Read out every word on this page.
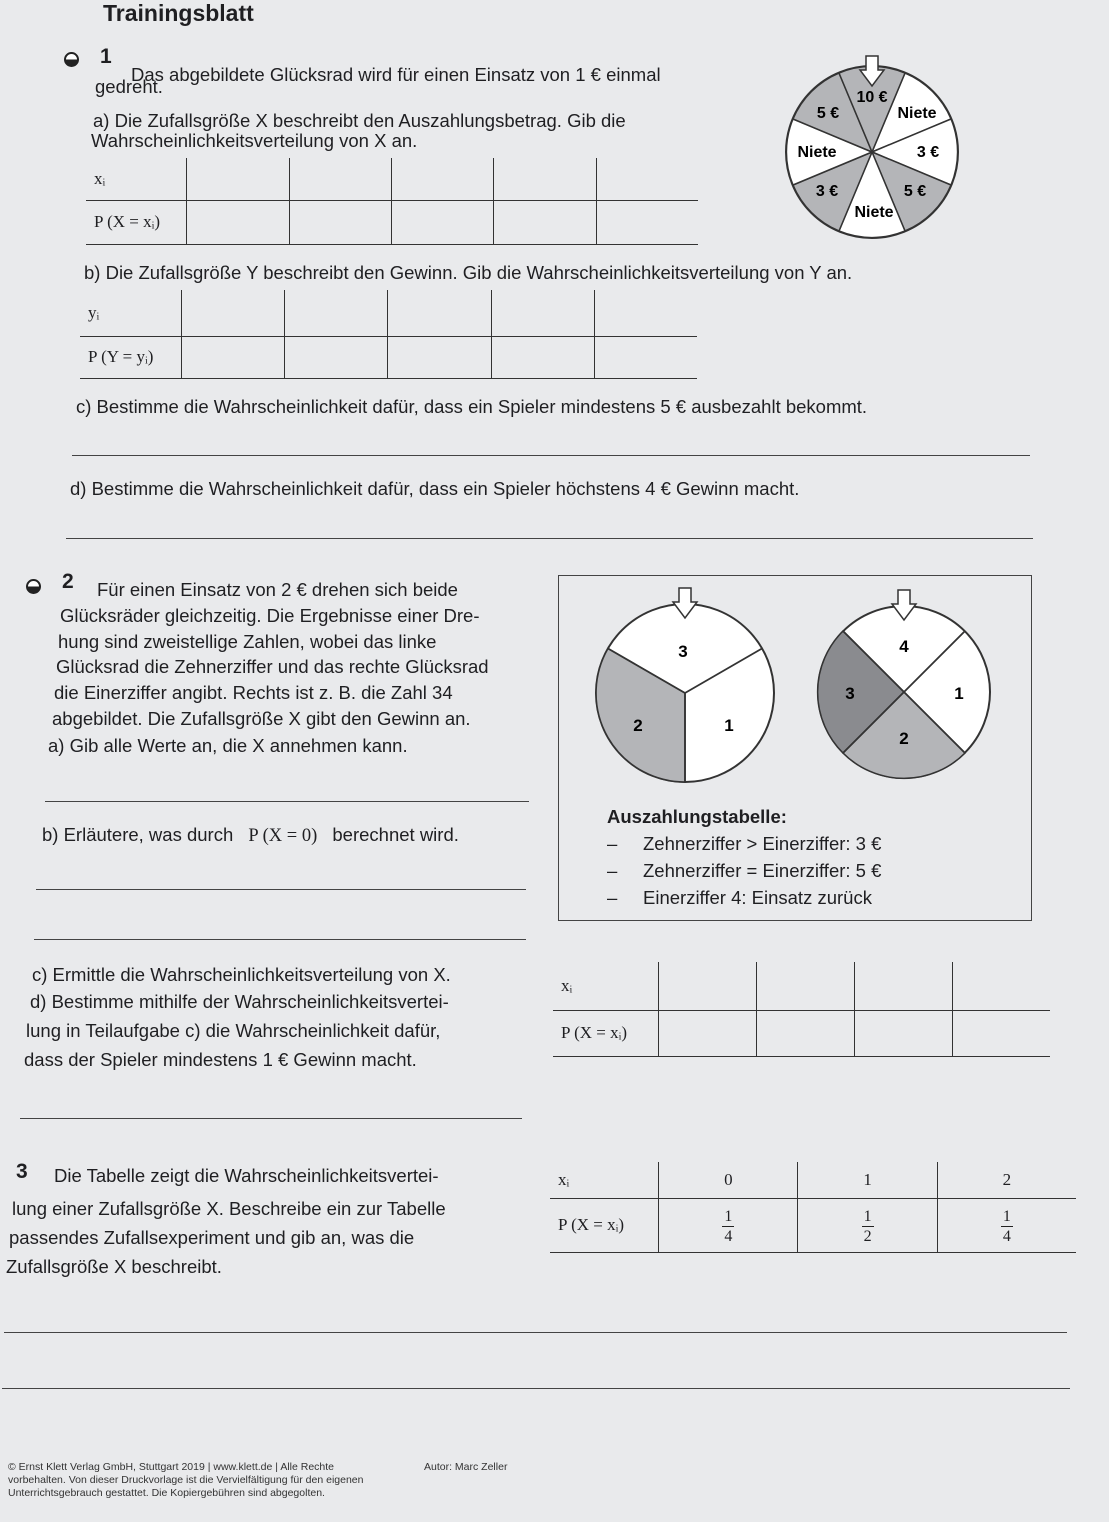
Trainingsblatt
1
Das abgebildete Glücksrad wird für einen Einsatz von 1 € einmal
gedreht.
a) Die Zufallsgröße X beschreibt den Auszahlungsbetrag. Gib die
Wahrscheinlichkeitsverteilung von X an.
xᵢ					
P (X = xᵢ)					
10 €
Niete
3 €
5 €
Niete
3 €
Niete
5 €
b) Die Zufallsgröße Y beschreibt den Gewinn. Gib die Wahrscheinlichkeitsverteilung von Y an.
yᵢ					
P (Y = yᵢ)					
c) Bestimme die Wahrscheinlichkeit dafür, dass ein Spieler mindestens 5 € ausbezahlt bekommt.
d) Bestimme die Wahrscheinlichkeit dafür, dass ein Spieler höchstens 4 € Gewinn macht.
2 Für einen Einsatz von 2 € drehen sich beide
Glücksräder gleichzeitig. Die Ergebnisse einer Dre-
hung sind zweistellige Zahlen, wobei das linke
Glücksrad die Zehnerziffer und das rechte Glücksrad
die Einerziffer angibt. Rechts ist z. B. die Zahl 34
abgebildet. Die Zufallsgröße X gibt den Gewinn an.
a) Gib alle Werte an, die X annehmen kann.
b) Erläutere, was durch P (X = 0) berechnet wird.
3
2	1
4
1
2
3
Auszahlungstabelle:
–     Zehnerziffer > Einerziffer: 3 €
–     Zehnerziffer = Einerziffer: 5 €
–     Einerziffer 4: Einsatz zurück
c) Ermittle die Wahrscheinlichkeitsverteilung von X.
d) Bestimme mithilfe der Wahrscheinlichkeitsvertei-
lung in Teilaufgabe c) die Wahrscheinlichkeit dafür,
dass der Spieler mindestens 1 € Gewinn macht.
xᵢ				
P (X = xᵢ)				
3 Die Tabelle zeigt die Wahrscheinlichkeitsvertei-
lung einer Zufallsgröße X. Beschreibe ein zur Tabelle
passendes Zufallsexperiment und gib an, was die
Zufallsgröße X beschreibt.
xᵢ	0	1	2
P (X = xᵢ)	$\frac{1}{4}$	$\frac{1}{2}$	$\frac{1}{4}$
© Ernst Klett Verlag GmbH, Stuttgart 2019 | www.klett.de | Alle Rechte
vorbehalten. Von dieser Druckvorlage ist die Vervielfältigung für den eigenen
Unterrichtsgebrauch gestattet. Die Kopiergebühren sind abgegolten.
Autor: Marc Zeller
